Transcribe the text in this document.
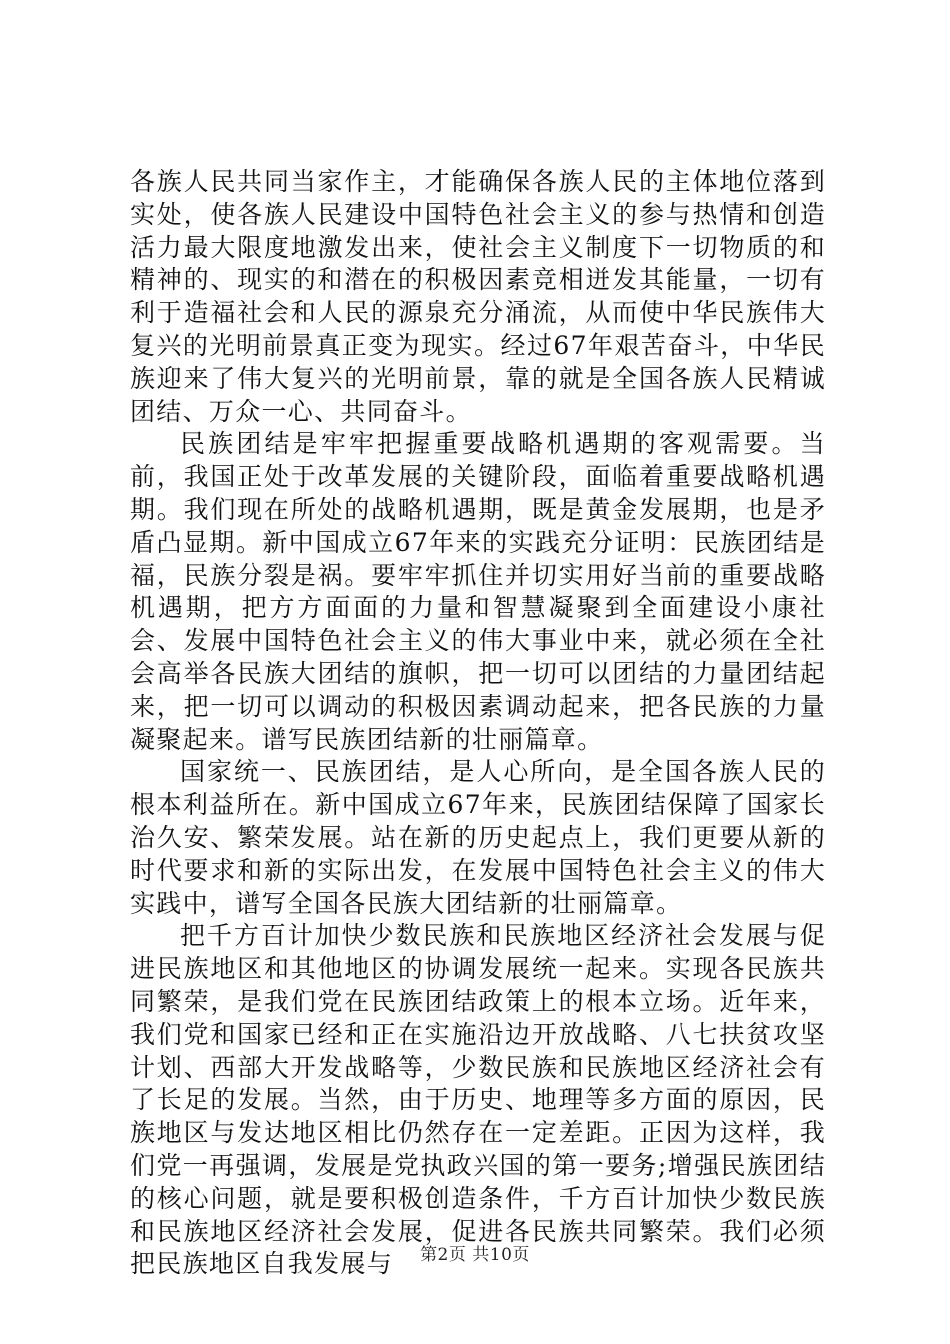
各族人民共同当家作主，才能确保各族人民的主体地位落到实处，使各族人民建设中国特色社会主义的参与热情和创造活力最大限度地激发出来，使社会主义制度下一切物质的和精神的、现实的和潜在的积极因素竞相迸发其能量，一切有利于造福社会和人民的源泉充分涌流，从而使中华民族伟大复兴的光明前景真正变为现实。经过67年艰苦奋斗，中华民族迎来了伟大复兴的光明前景，靠的就是全国各族人民精诚团结、万众一心、共同奋斗。

民族团结是牢牢把握重要战略机遇期的客观需要。当前，我国正处于改革发展的关键阶段，面临着重要战略机遇期。我们现在所处的战略机遇期，既是黄金发展期，也是矛盾凸显期。新中国成立67年来的实践充分证明：民族团结是福，民族分裂是祸。要牢牢抓住并切实用好当前的重要战略机遇期，把方方面面的力量和智慧凝聚到全面建设小康社会、发展中国特色社会主义的伟大事业中来，就必须在全社会高举各民族大团结的旗帜，把一切可以团结的力量团结起来，把一切可以调动的积极因素调动起来，把各民族的力量凝聚起来。谱写民族团结新的壮丽篇章。

国家统一、民族团结，是人心所向，是全国各族人民的根本利益所在。新中国成立67年来，民族团结保障了国家长治久安、繁荣发展。站在新的历史起点上，我们更要从新的时代要求和新的实际出发，在发展中国特色社会主义的伟大实践中，谱写全国各民族大团结新的壮丽篇章。

把千方百计加快少数民族和民族地区经济社会发展与促进民族地区和其他地区的协调发展统一起来。实现各民族共同繁荣，是我们党在民族团结政策上的根本立场。近年来，我们党和国家已经和正在实施沿边开放战略、八七扶贫攻坚计划、西部大开发战略等，少数民族和民族地区经济社会有了长足的发展。当然，由于历史、地理等多方面的原因，民族地区与发达地区相比仍然存在一定差距。正因为这样，我们党一再强调，发展是党执政兴国的第一要务;增强民族团结的核心问题，就是要积极创造条件，千方百计加快少数民族和民族地区经济社会发展，促进各民族共同繁荣。我们必须把民族地区自我发展与	第2页 共10页
